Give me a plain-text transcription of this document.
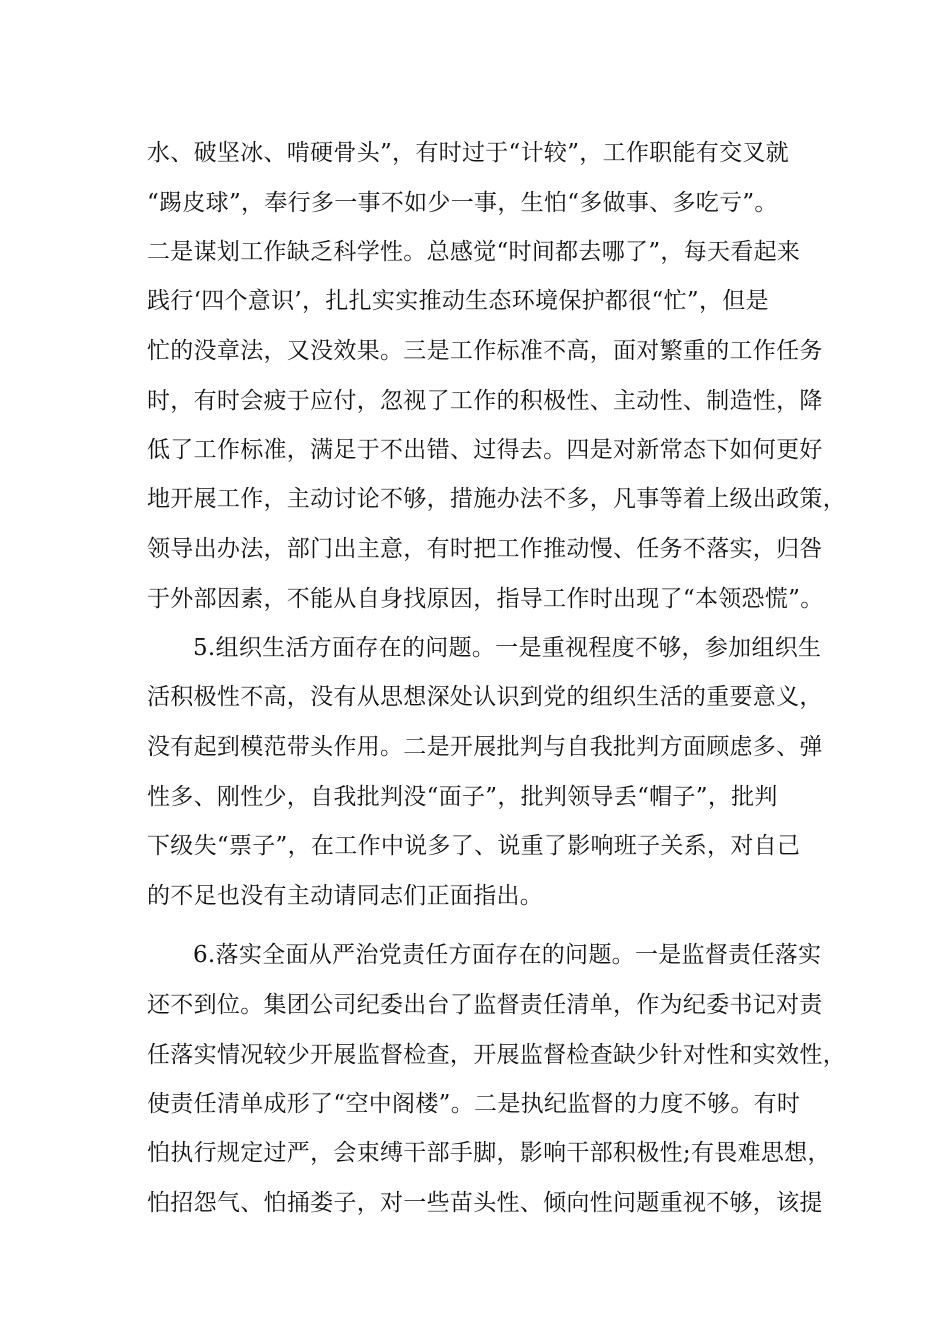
水、破坚冰、啃硬骨头”，有时过于“计较”，工作职能有交叉就
“踢皮球”，奉行多一事不如少一事，生怕“多做事、多吃亏”。
二是谋划工作缺乏科学性。总感觉“时间都去哪了”，每天看起来
践行‘四个意识’，扎扎实实推动生态环境保护都很“忙”，但是
忙的没章法，又没效果。三是工作标准不高，面对繁重的工作任务
时，有时会疲于应付，忽视了工作的积极性、主动性、制造性，降
低了工作标准，满足于不出错、过得去。四是对新常态下如何更好
地开展工作，主动讨论不够，措施办法不多，凡事等着上级出政策，
领导出办法，部门出主意，有时把工作推动慢、任务不落实，归咎
于外部因素，不能从自身找原因，指导工作时出现了“本领恐慌”。
5.组织生活方面存在的问题。一是重视程度不够，参加组织生
活积极性不高，没有从思想深处认识到党的组织生活的重要意义，
没有起到模范带头作用。二是开展批判与自我批判方面顾虑多、弹
性多、刚性少，自我批判没“面子”，批判领导丢“帽子”，批判
下级失“票子”，在工作中说多了、说重了影响班子关系，对自己
的不足也没有主动请同志们正面指出。
6.落实全面从严治党责任方面存在的问题。一是监督责任落实
还不到位。集团公司纪委出台了监督责任清单，作为纪委书记对责
任落实情况较少开展监督检查，开展监督检查缺少针对性和实效性，
使责任清单成形了“空中阁楼”。二是执纪监督的力度不够。有时
怕执行规定过严，会束缚干部手脚，影响干部积极性;有畏难思想，
怕招怨气、怕捅娄子，对一些苗头性、倾向性问题重视不够，该提
